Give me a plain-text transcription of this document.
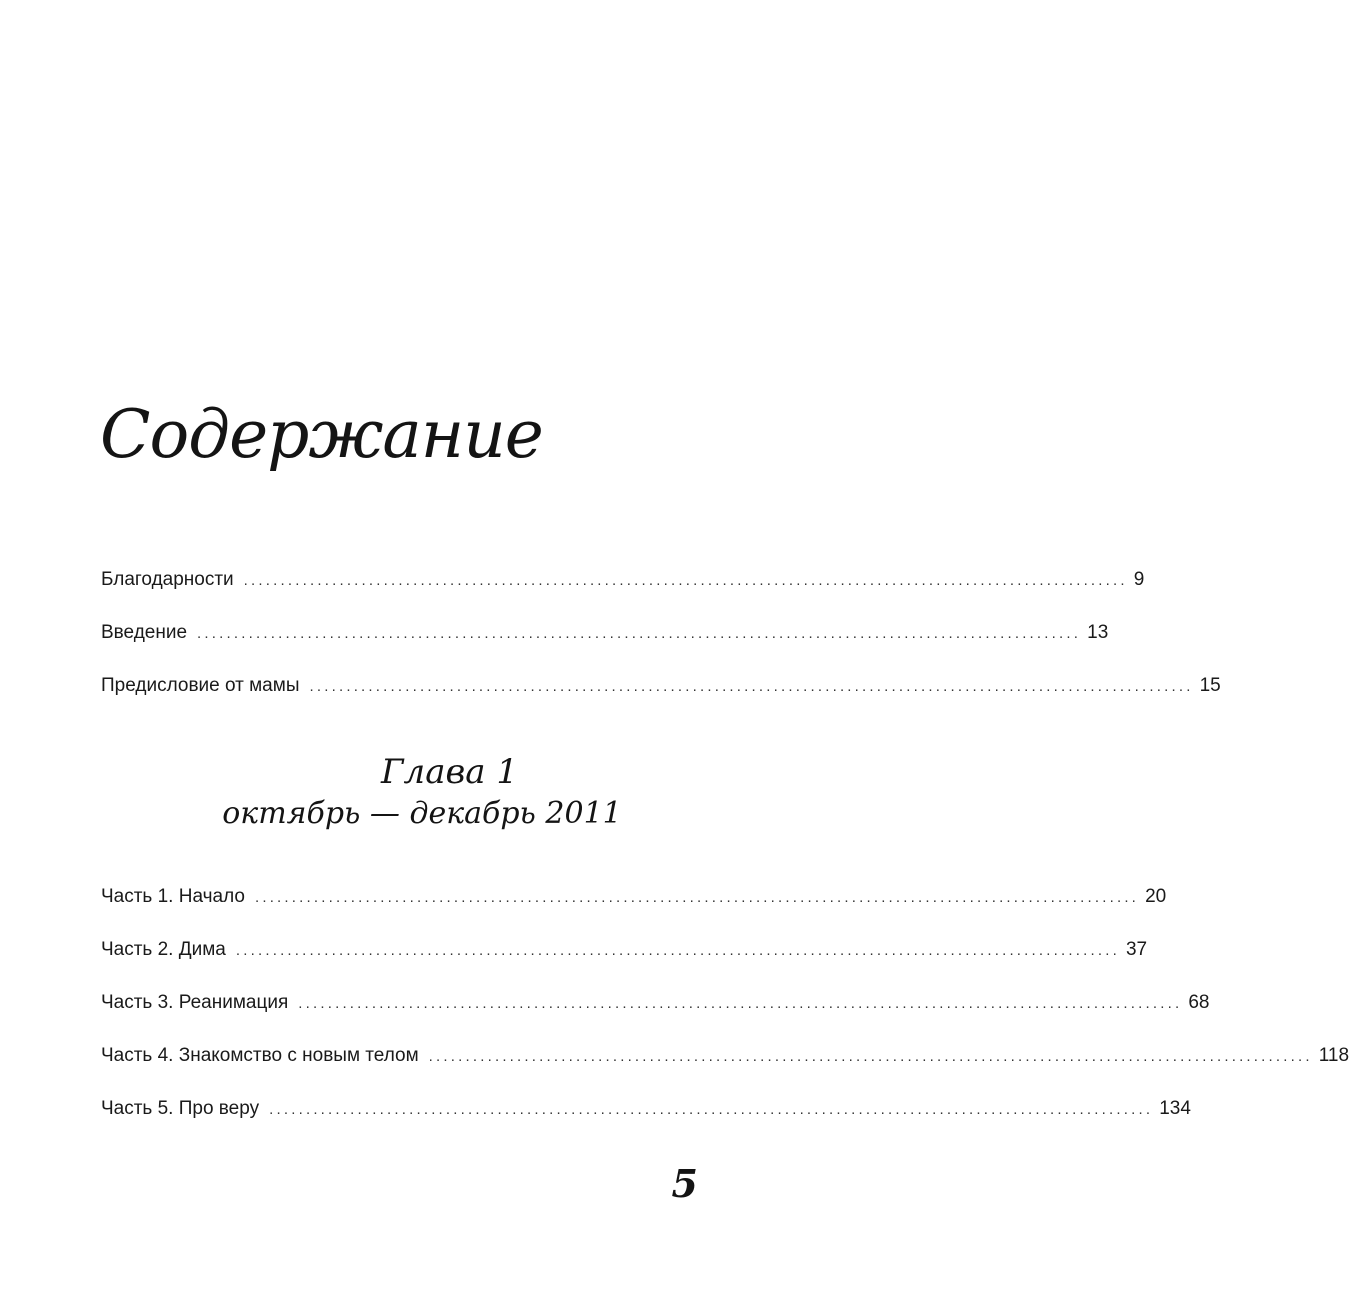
Содержание
Благодарности ........................................................................................................................ 9
Введение ........................................................................................................................ 13
Предисловие от мамы ........................................................................................................................ 15
Глава 1
октябрь — декабрь 2011
Часть 1. Начало ........................................................................................................................ 20
Часть 2. Дима ........................................................................................................................ 37
Часть 3. Реанимация ........................................................................................................................ 68
Часть 4. Знакомство с новым телом ........................................................................................................................ 118
Часть 5. Про веру ........................................................................................................................ 134
5
